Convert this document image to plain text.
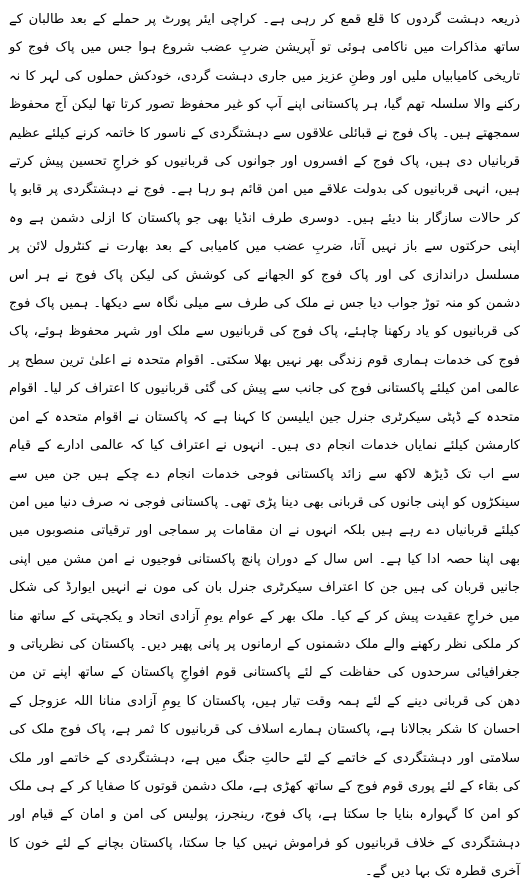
ذریعہ دہشت گردوں کا قلع قمع کر رہی ہے۔ کراچی ایئر پورٹ پر حملے کے بعد طالبان کے ساتھ مذاکرات میں ناکامی ہوئی تو آپریشن ضربِ عضب شروع ہوا جس میں پاک فوج کو تاریخی کامیابیاں ملیں اور وطنِ عزیز میں جاری دہشت گردی، خودکش حملوں کی لہر کا نہ رکنے والا سلسلہ تھم گیا، ہر پاکستانی اپنے آپ کو غیر محفوظ تصور کرتا تھا لیکن آج محفوظ سمجھتے ہیں۔ پاک فوج نے قبائلی علاقوں سے دہشتگردی کے ناسور کا خاتمہ کرنے کیلئے عظیم قربانیاں دی ہیں، پاک فوج کے افسروں اور جوانوں کی قربانیوں کو خراجِ تحسین پیش کرتے ہیں، انہی قربانیوں کی بدولت علاقے میں امن قائم ہو رہا ہے۔ فوج نے دہشتگردی پر قابو پا کر حالات سازگار بنا دیئے ہیں۔ دوسری طرف انڈیا بھی جو پاکستان کا ازلی دشمن ہے وہ اپنی حرکتوں سے باز نہیں آتا، ضربِ عضب میں کامیابی کے بعد بھارت نے کنٹرول لائن پر مسلسل دراندازی کی اور پاک فوج کو الجھانے کی کوشش کی لیکن پاک فوج نے ہر اس دشمن کو منہ توڑ جواب دیا جس نے ملک کی طرف سے میلی نگاہ سے دیکھا۔ ہمیں پاک فوج کی قربانیوں کو یاد رکھنا چاہئے، پاک فوج کی قربانیوں سے ملک اور شہر محفوظ ہوئے، پاک فوج کی خدمات ہماری قوم زندگی بھر نہیں بھلا سکتی۔ اقوام متحدہ نے اعلیٰ ترین سطح پر عالمی امن کیلئے پاکستانی فوج کی جانب سے پیش کی گئی قربانیوں کا اعتراف کر لیا۔ اقوام متحدہ کے ڈپٹی سیکرٹری جنرل جین ایلیسن کا کہنا ہے کہ پاکستان نے اقوام متحدہ کے امن کارمشن کیلئے نمایاں خدمات انجام دی ہیں۔ انہوں نے اعتراف کیا کہ عالمی ادارے کے قیام سے اب تک ڈیڑھ لاکھ سے زائد پاکستانی فوجی خدمات انجام دے چکے ہیں جن میں سے سینکڑوں کو اپنی جانوں کی قربانی بھی دینا پڑی تھی۔ پاکستانی فوجی نہ صرف دنیا میں امن کیلئے قربانیاں دے رہے ہیں بلکہ انہوں نے ان مقامات پر سماجی اور ترقیاتی منصوبوں میں بھی اپنا حصہ ادا کیا ہے۔ اس سال کے دوران پانچ پاکستانی فوجیوں نے امن مشن میں اپنی جانیں قربان کی ہیں جن کا اعتراف سیکرٹری جنرل بان کی مون نے انہیں ایوارڈ کی شکل میں خراجِ عقیدت پیش کر کے کیا۔ ملک بھر کے عوام یومِ آزادی اتحاد و یکجہتی کے ساتھ منا کر ملکی نظر رکھنے والے ملک دشمنوں کے ارمانوں پر پانی پھیر دیں۔ پاکستان کی نظریاتی و جغرافیائی سرحدوں کی حفاظت کے لئے پاکستانی قوم افواجِ پاکستان کے ساتھ اپنے تن من دھن کی قربانی دینے کے لئے ہمہ وقت تیار ہیں، پاکستان کا یومِ آزادی منانا اللہ عزوجل کے احسان کا شکر بجالانا ہے، پاکستان ہمارے اسلاف کی قربانیوں کا ثمر ہے، پاک فوج ملک کی سلامتی اور دہشتگردی کے خاتمے کے لئے حالتِ جنگ میں ہے، دہشتگردی کے خاتمے اور ملک کی بقاء کے لئے پوری قوم فوج کے ساتھ کھڑی ہے، ملک دشمن قوتوں کا صفایا کر کے ہی ملک کو امن کا گہوارہ بنایا جا سکتا ہے، پاک فوج، رینجرز، پولیس کی امن و امان کے قیام اور دہشتگردی کے خلاف قربانیوں کو فراموش نہیں کیا جا سکتا، پاکستان بچانے کے لئے خون کا آخری قطرہ تک بہا دیں گے۔
